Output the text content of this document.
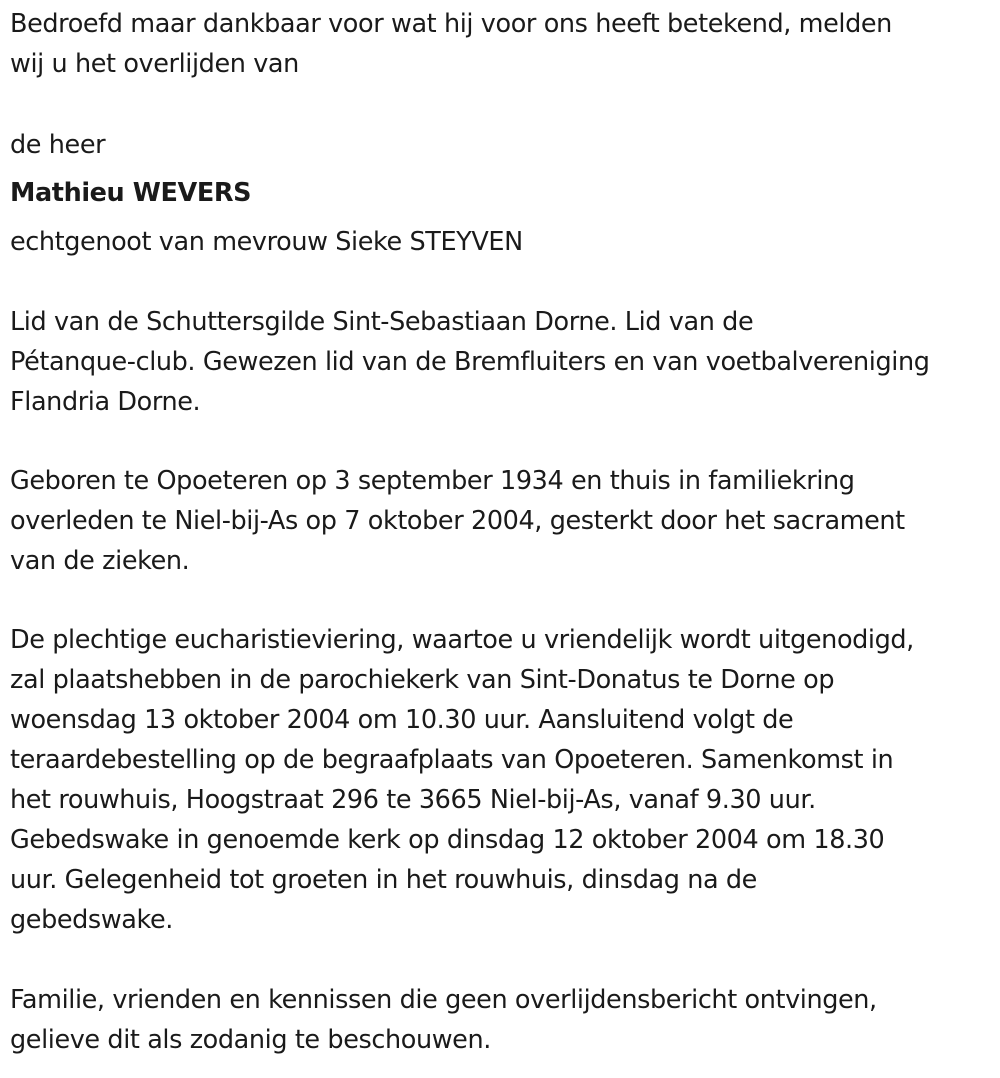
Bedroefd maar dankbaar voor wat hij voor ons heeft betekend, melden
wij u het overlijden van
de heer
Mathieu WEVERS
echtgenoot van mevrouw Sieke STEYVEN
Lid van de Schuttersgilde Sint-Sebastiaan Dorne. Lid van de
Pétanque-club. Gewezen lid van de Bremfluiters en van voetbalvereniging
Flandria Dorne.
Geboren te Opoeteren op 3 september 1934 en thuis in familiekring
overleden te Niel-bij-As op 7 oktober 2004, gesterkt door het sacrament
van de zieken.
De plechtige eucharistieviering, waartoe u vriendelijk wordt uitgenodigd,
zal plaatshebben in de parochiekerk van Sint-Donatus te Dorne op
woensdag 13 oktober 2004 om 10.30 uur. Aansluitend volgt de
teraardebestelling op de begraafplaats van Opoeteren. Samenkomst in
het rouwhuis, Hoogstraat 296 te 3665 Niel-bij-As, vanaf 9.30 uur.
Gebedswake in genoemde kerk op dinsdag 12 oktober 2004 om 18.30
uur. Gelegenheid tot groeten in het rouwhuis, dinsdag na de
gebedswake.
Familie, vrienden en kennissen die geen overlijdensbericht ontvingen,
gelieve dit als zodanig te beschouwen.
